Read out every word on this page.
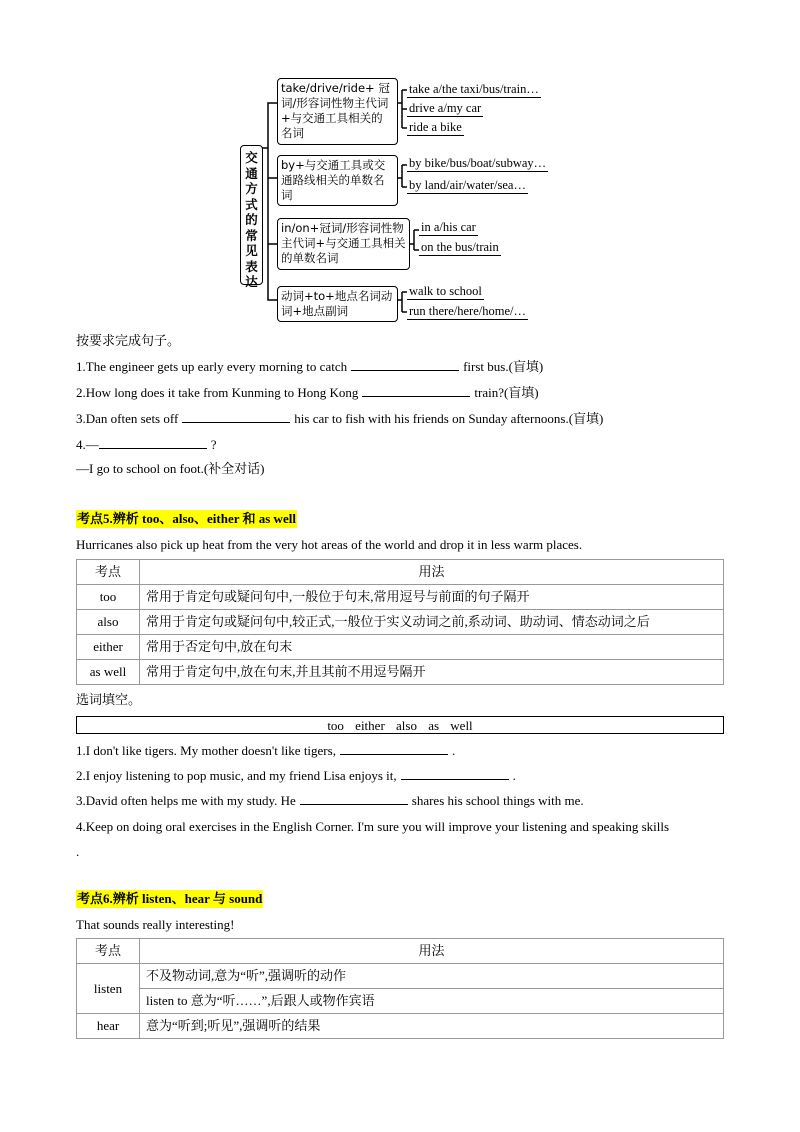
交
通
方
式
的
常
见
表
达
take/drive/ride+ 冠词/形容词性物主代词+与交通工具相关的名词
take a/the taxi/bus/train…
drive a/my car
ride a bike
by+与交通工具或交通路线相关的单数名词
by bike/bus/boat/subway…
by land/air/water/sea…
in/on+冠词/形容词性物主代词+与交通工具相关的单数名词
in a/his car
on the bus/train
动词+to+地点名词动词+地点副词
walk to school
run there/here/home/…
按要求完成句子。
1.The engineer gets up early every morning to catch	first bus.(盲填)
2.How long does it take from Kunming to Hong Kong	train?(盲填)
3.Dan often sets off	his car to fish with his friends on Sunday afternoons.(盲填)
4.—	?
—I go to school on foot.(补全对话)
考点5.辨析 too、also、either 和 as well
Hurricanes also pick up heat from the very hot areas of the world and drop it in less warm places.
考点	用法
too	常用于肯定句或疑问句中,一般位于句末,常用逗号与前面的句子隔开
also	常用于肯定句或疑问句中,较正式,一般位于实义动词之前,系动词、助动词、情态动词之后
either	常用于否定句中,放在句末
as well	常用于肯定句中,放在句末,并且其前不用逗号隔开
选词填空。
too either also as well
1.I don't like tigers. My mother doesn't like tigers,	.
2.I enjoy listening to pop music, and my friend Lisa enjoys it,	.
3.David often helps me with my study. He	shares his school things with me.
4.Keep on doing oral exercises in the English Corner. I'm sure you will improve your listening and speaking skills
.
考点6.辨析 listen、hear 与 sound
That sounds really interesting!
考点	用法
listen	不及物动词,意为“听”,强调听的动作
	listen to 意为“听……”,后跟人或物作宾语
hear	意为“听到;听见”,强调听的结果
